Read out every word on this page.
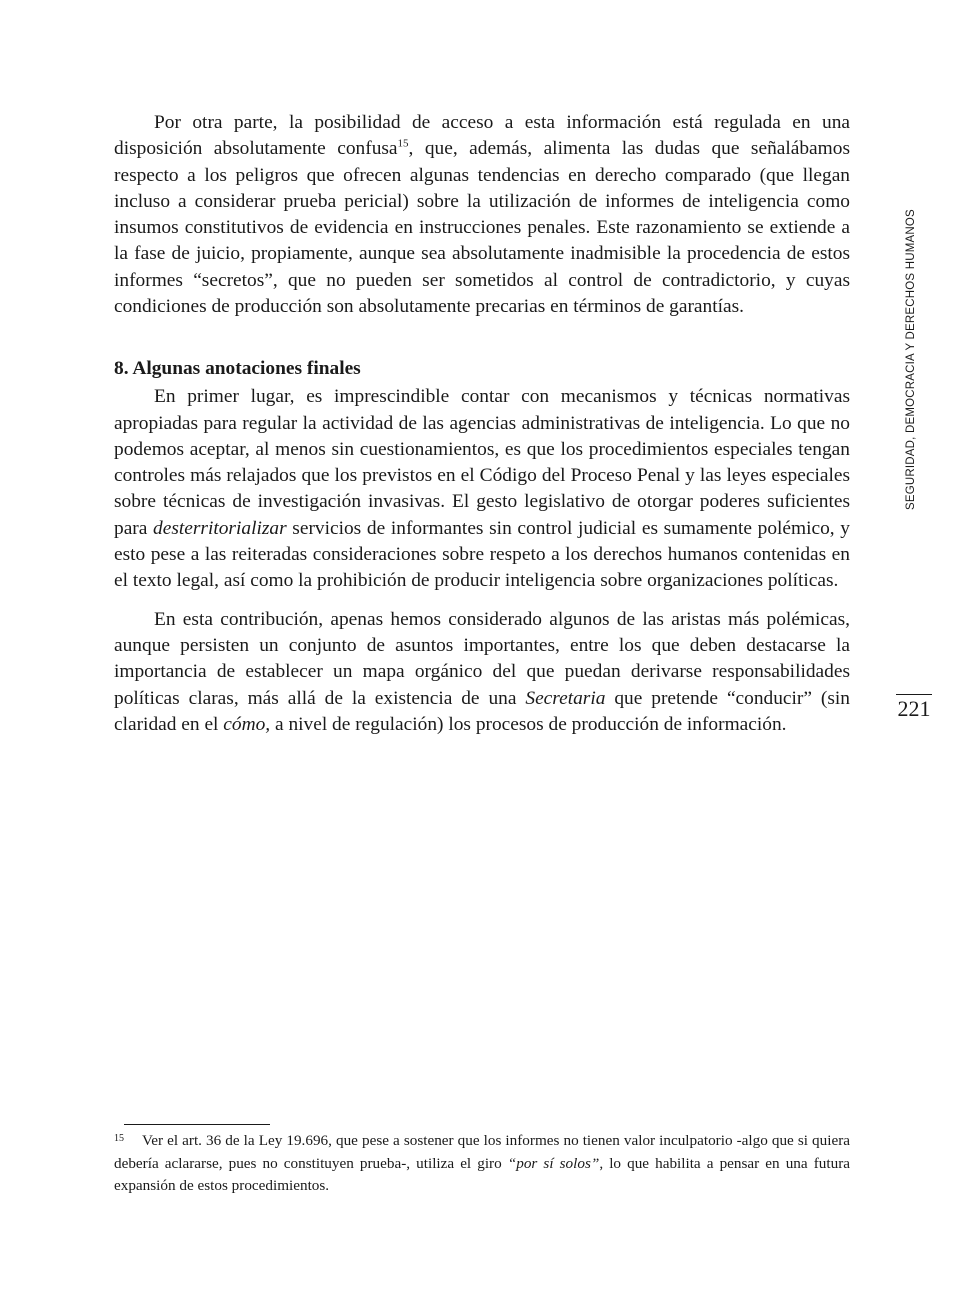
Por otra parte, la posibilidad de acceso a esta información está regulada en una disposición absolutamente confusa$^{15}$, que, además, alimenta las dudas que señalábamos respecto a los peligros que ofrecen algunas tendencias en derecho comparado (que llegan incluso a considerar prueba pericial) sobre la utilización de informes de inteligencia como insumos constitutivos de evidencia en instrucciones penales. Este razonamiento se extiende a la fase de juicio, propiamente, aunque sea absolutamente inadmisible la procedencia de estos informes “secretos”, que no pueden ser sometidos al control de contradictorio, y cuyas condiciones de producción son absolutamente precarias en términos de garantías.

8. Algunas anotaciones finales

En primer lugar, es imprescindible contar con mecanismos y técnicas normativas apropiadas para regular la actividad de las agencias administrativas de inteligencia. Lo que no podemos aceptar, al menos sin cuestionamientos, es que los procedimientos especiales tengan controles más relajados que los previstos en el Código del Proceso Penal y las leyes especiales sobre técnicas de investigación invasivas. El gesto legislativo de otorgar poderes suficientes para desterritorializar servicios de informantes sin control judicial es sumamente polémico, y esto pese a las reiteradas consideraciones sobre respeto a los derechos humanos contenidas en el texto legal, así como la prohibición de producir inteligencia sobre organizaciones políticas.

En esta contribución, apenas hemos considerado algunos de las aristas más polémicas, aunque persisten un conjunto de asuntos importantes, entre los que deben destacarse la importancia de establecer un mapa orgánico del que puedan derivarse responsabilidades políticas claras, más allá de la existencia de una Secretaria que pretende “conducir” (sin claridad en el cómo, a nivel de regulación) los procesos de producción de información.

SEGURIDAD, DEMOCRACIA Y DERECHOS HUMANOS
221
15 Ver el art. 36 de la Ley 19.696, que pese a sostener que los informes no tienen valor inculpatorio -algo que si quiera debería aclararse, pues no constituyen prueba-, utiliza el giro “por sí solos”, lo que habilita a pensar en una futura expansión de estos procedimientos.
